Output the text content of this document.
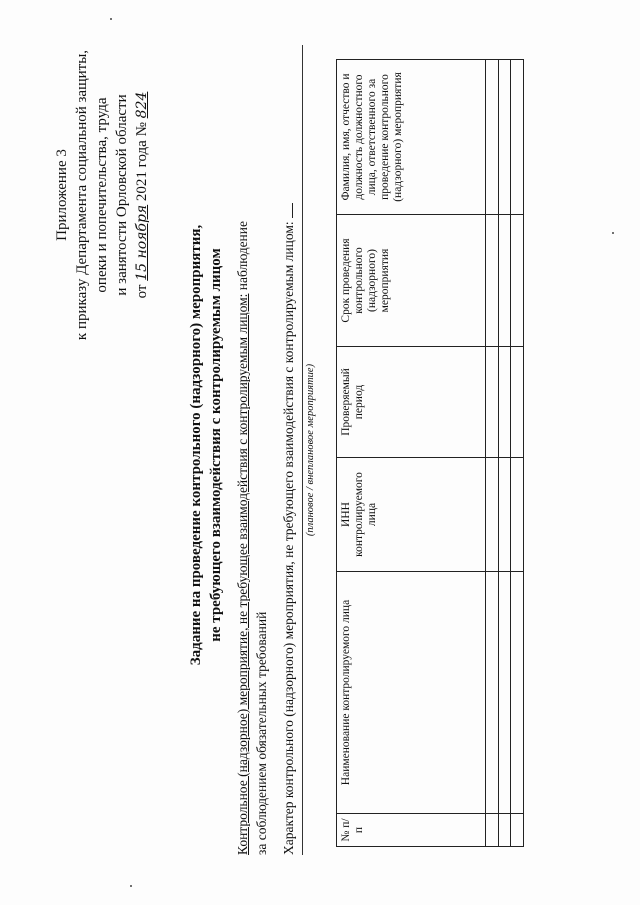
Приложение 3 к приказу Департамента социальной защиты, опеки и попечительства, труда и занятости Орловской области от 15 ноября 2021 года № 824
Задание на проведение контрольного (надзорного) мероприятия, не требующего взаимодействия с контролируемым лицом Контрольное (надзорное) мероприятие, не требующее взаимодействия с контролируемым лицом: наблюдение
за соблюдением обязательных требований Характер контрольного (надзорного) мероприятия, не требующего взаимодействия с контролируемым лицом: (плановое / внеплановое мероприятие)
№ п/п	Наименование контролируемого лица	ИНН контролируемого лица	Проверяемый период	Срок проведения контрольного (надзорного) мероприятия	Фамилия, имя, отчество и должность должностного лица, ответственного за проведение контрольного (надзорного) мероприятия
